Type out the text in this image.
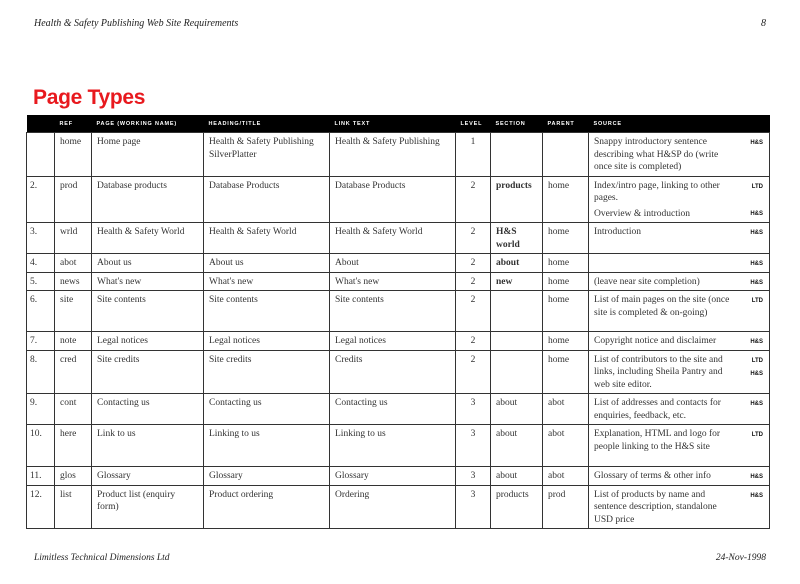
Health & Safety Publishing Web Site Requirements	8
Page Types
	REF	PAGE (WORKING NAME)	HEADING/TITLE	LINK TEXT	LEVEL	SECTION	PARENT	SOURCE
	home	Home page	Health & Safety Publishing SilverPlatter	Health & Safety Publishing	1			Snappy introductory sentence describing what H&SP do (write once site is completed)
H&S

2.	prod	Database products	Database Products	Database Products	2	products	home	Index/intro page, linking to other pages.
LTD
Overview & introduction H&S

3.	wrld	Health & Safety World	Health & Safety World	Health & Safety World	2	H&S world	home	Introduction H&S

4.	abot	About us	About us	About	2	about	home	H&S

5.	news	What's new	What's new	What's new	2	new	home	(leave near site completion) H&S

6.	site	Site contents	Site contents	Site contents	2		home	List of main pages on the site (once site is completed & on-going)
LTD

7.	note	Legal notices	Legal notices	Legal notices	2		home	Copyright notice and disclaimer H&S

8.	cred	Site credits	Site credits	Credits	2		home	List of contributors to the site and links, including Sheila Pantry and web site editor.
LTD
H&S

9.	cont	Contacting us	Contacting us	Contacting us	3	about	abot	List of addresses and contacts for enquiries, feedback, etc.
H&S

10.	here	Link to us	Linking to us	Linking to us	3	about	abot	Explanation, HTML and logo for people linking to the H&S site
LTD

11.	glos	Glossary	Glossary	Glossary	3	about	abot	Glossary of terms & other info H&S

12.	list	Product list (enquiry form)	Product ordering	Ordering	3	products	prod	List of products by name and sentence description, standalone USD price
H&S
Limitless Technical Dimensions Ltd	24-Nov-1998
